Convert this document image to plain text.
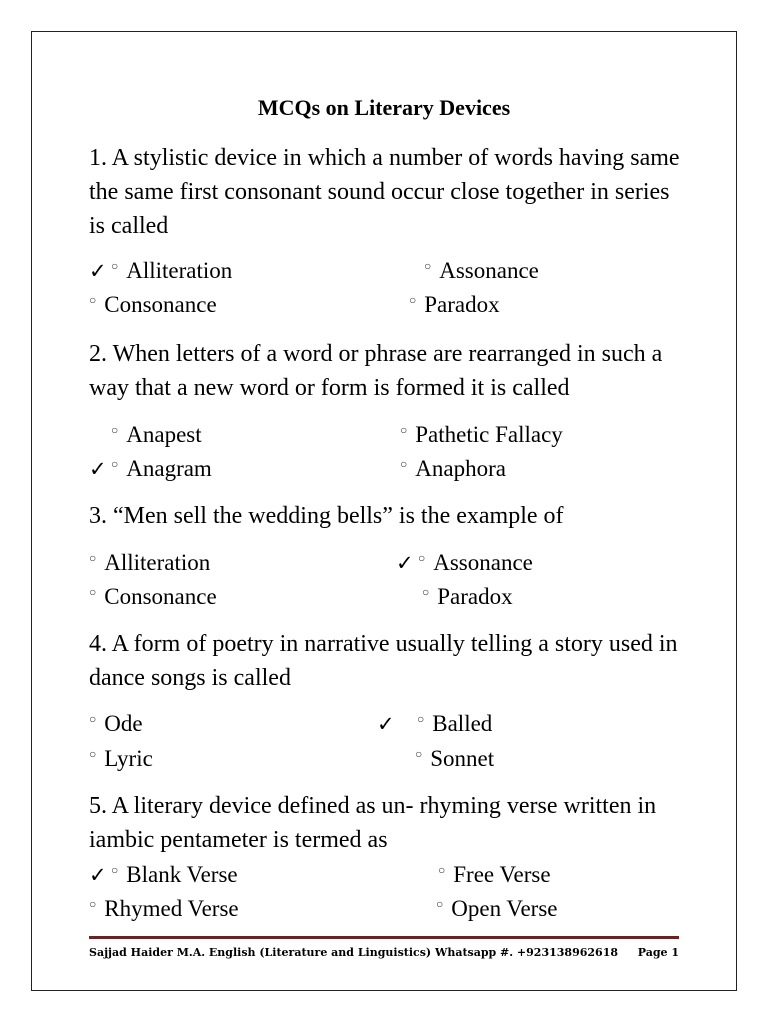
MCQs on Literary Devices
1. A stylistic device in which a number of words having same the same first consonant sound occur close together in series is called
✓ ○ Alliteration	○ Assonance
○ Consonance	○ Paradox
2. When letters of a word or phrase are rearranged in such a way that a new word or form is formed it is called
○ Anapest	○ Pathetic Fallacy
✓ ○ Anagram	○ Anaphora
3. “Men sell the wedding bells” is the example of
○ Alliteration	✓ ○ Assonance
○ Consonance	○ Paradox
4. A form of poetry in narrative usually telling a story used in dance songs is called
○ Ode	✓ ○ Balled
○ Lyric	○ Sonnet
5. A literary device defined as un- rhyming verse written in iambic pentameter is termed as
✓ ○ Blank Verse	○ Free Verse
○ Rhymed Verse	○ Open Verse
Sajjad Haider M.A. English (Literature and Linguistics) Whatsapp #. +923138962618 Page 1
